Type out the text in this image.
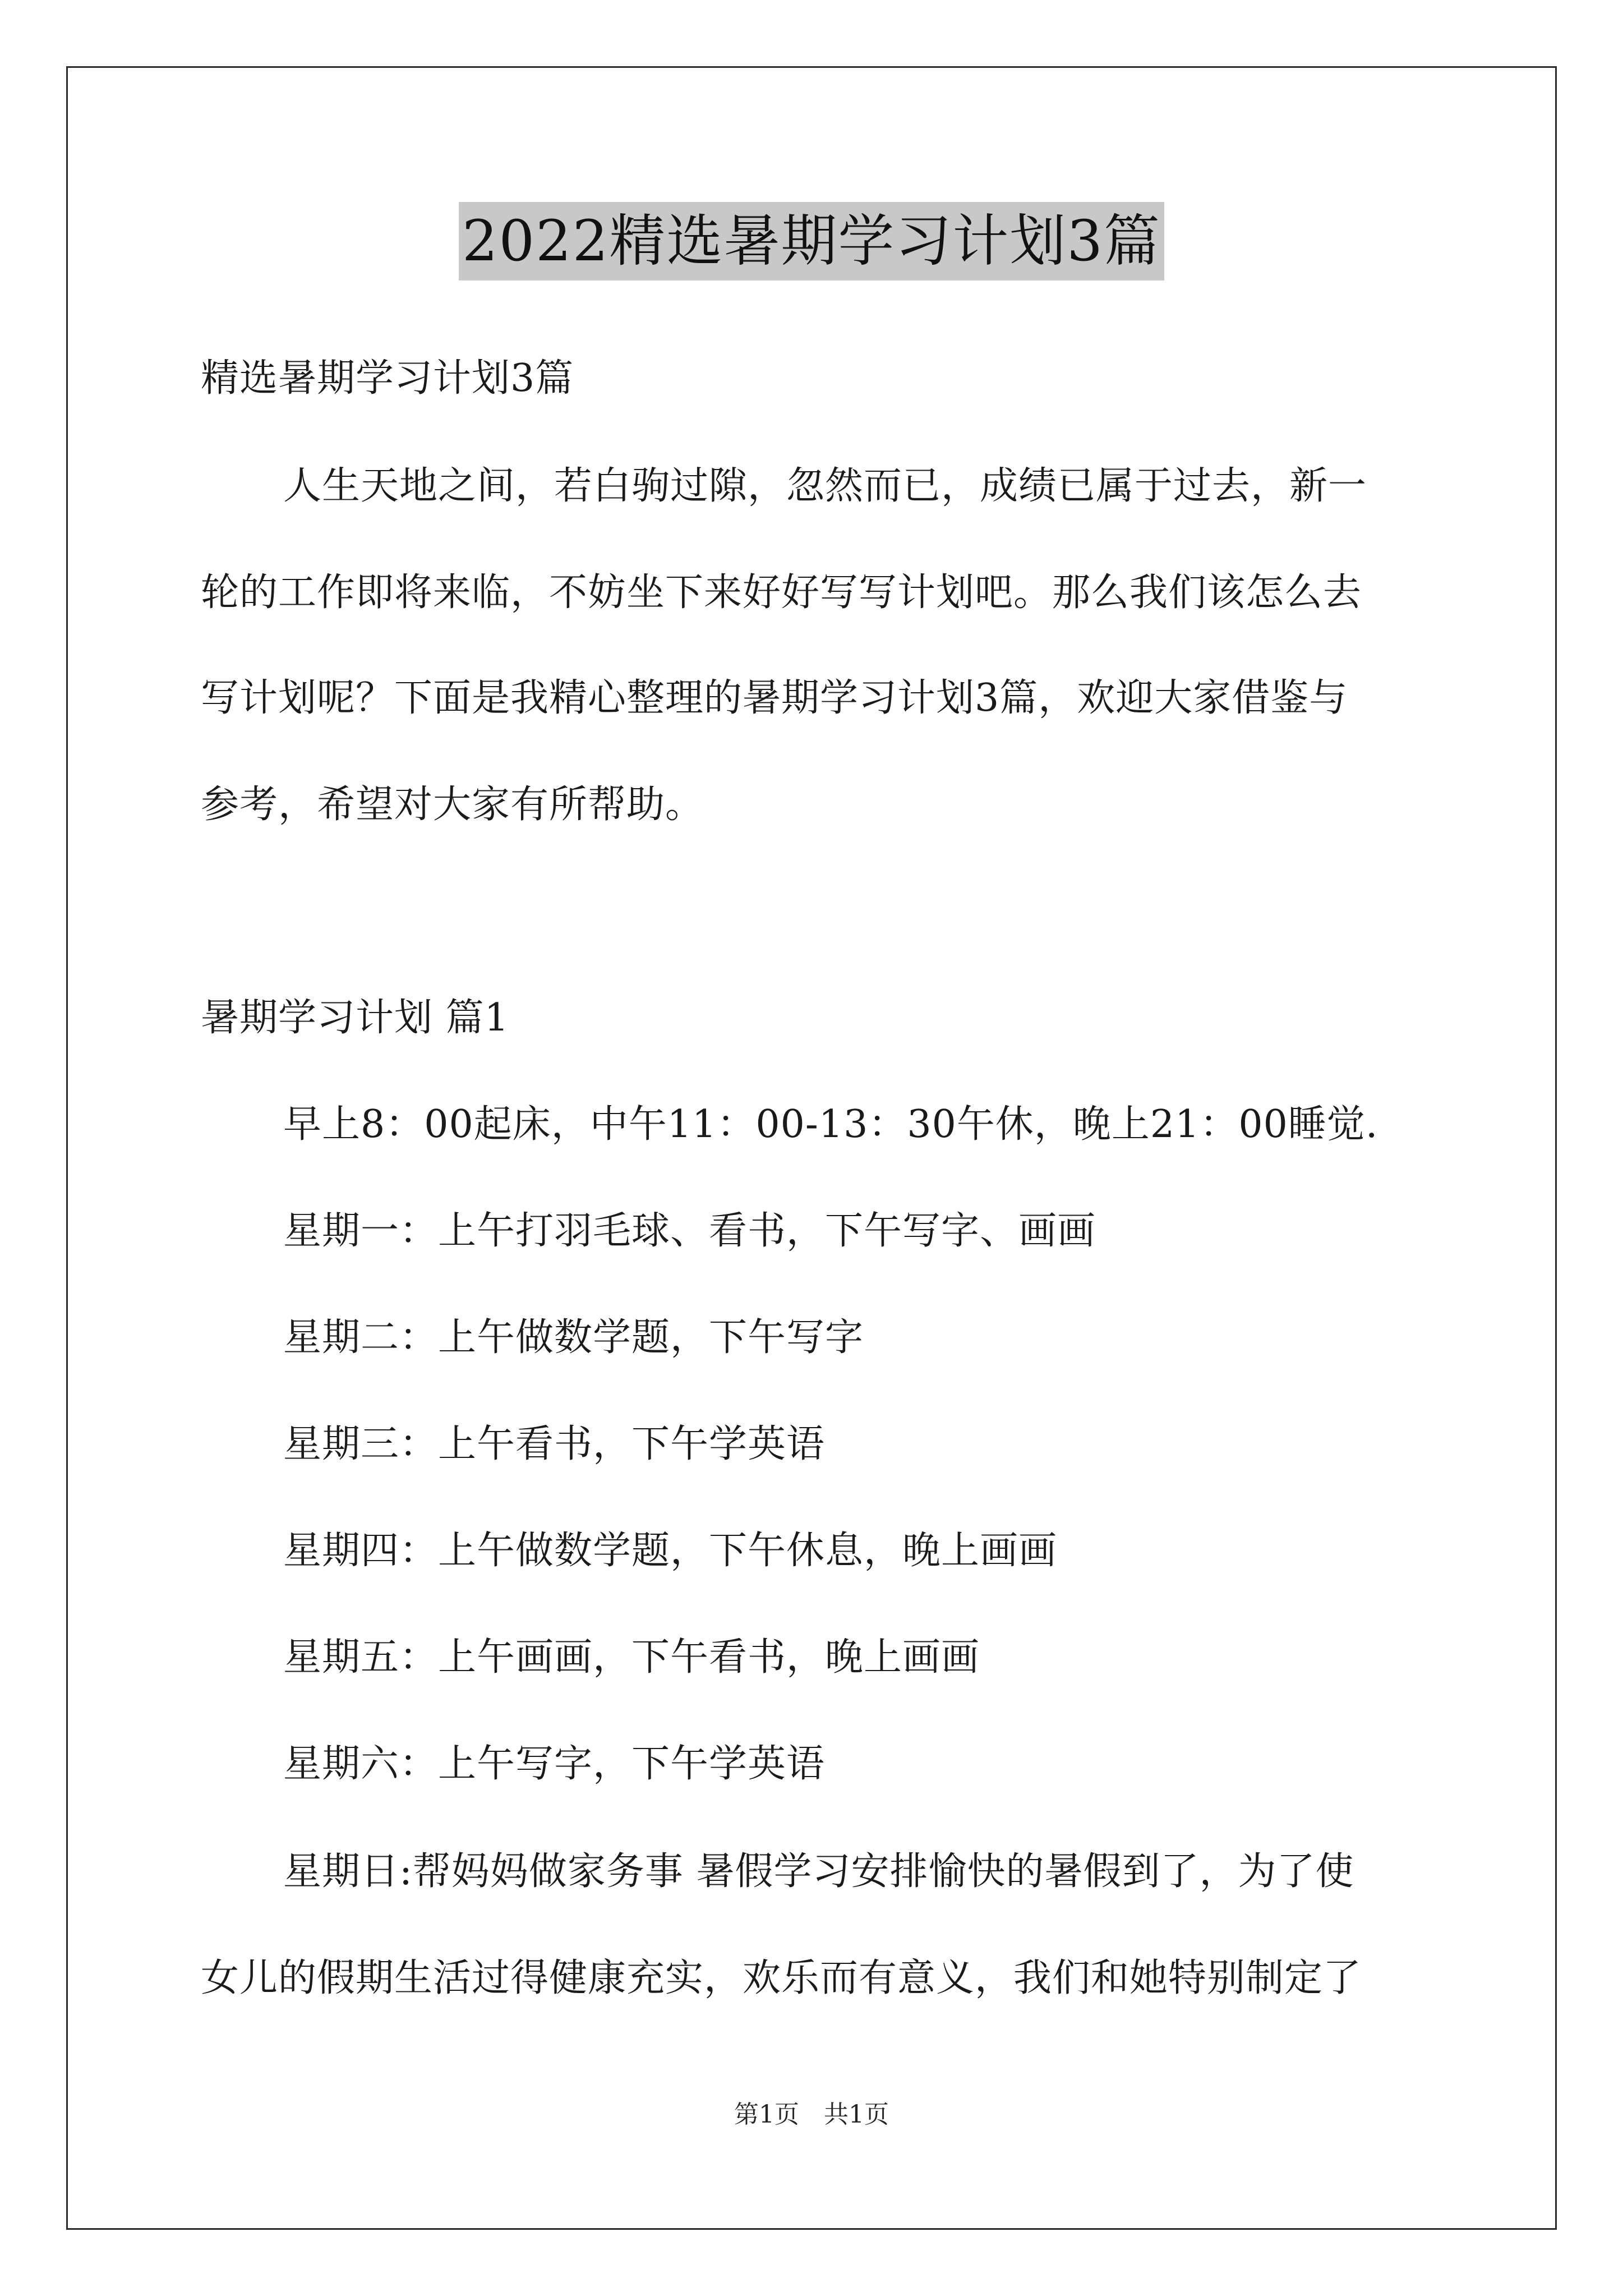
2022精选暑期学习计划3篇
精选暑期学习计划3篇
人生天地之间，若白驹过隙，忽然而已，成绩已属于过去，新一
轮的工作即将来临，不妨坐下来好好写写计划吧。那么我们该怎么去
写计划呢？下面是我精心整理的暑期学习计划3篇，欢迎大家借鉴与
参考，希望对大家有所帮助。
暑期学习计划 篇1
早上8：00起床，中午11：00-13：30午休，晚上21：00睡觉.
星期一：上午打羽毛球、看书，下午写字、画画
星期二：上午做数学题，下午写字
星期三：上午看书，下午学英语
星期四：上午做数学题，下午休息，晚上画画
星期五：上午画画，下午看书，晚上画画
星期六：上午写字，下午学英语
星期日:帮妈妈做家务事 暑假学习安排愉快的暑假到了，为了使
女儿的假期生活过得健康充实，欢乐而有意义，我们和她特别制定了
第1页　共1页
